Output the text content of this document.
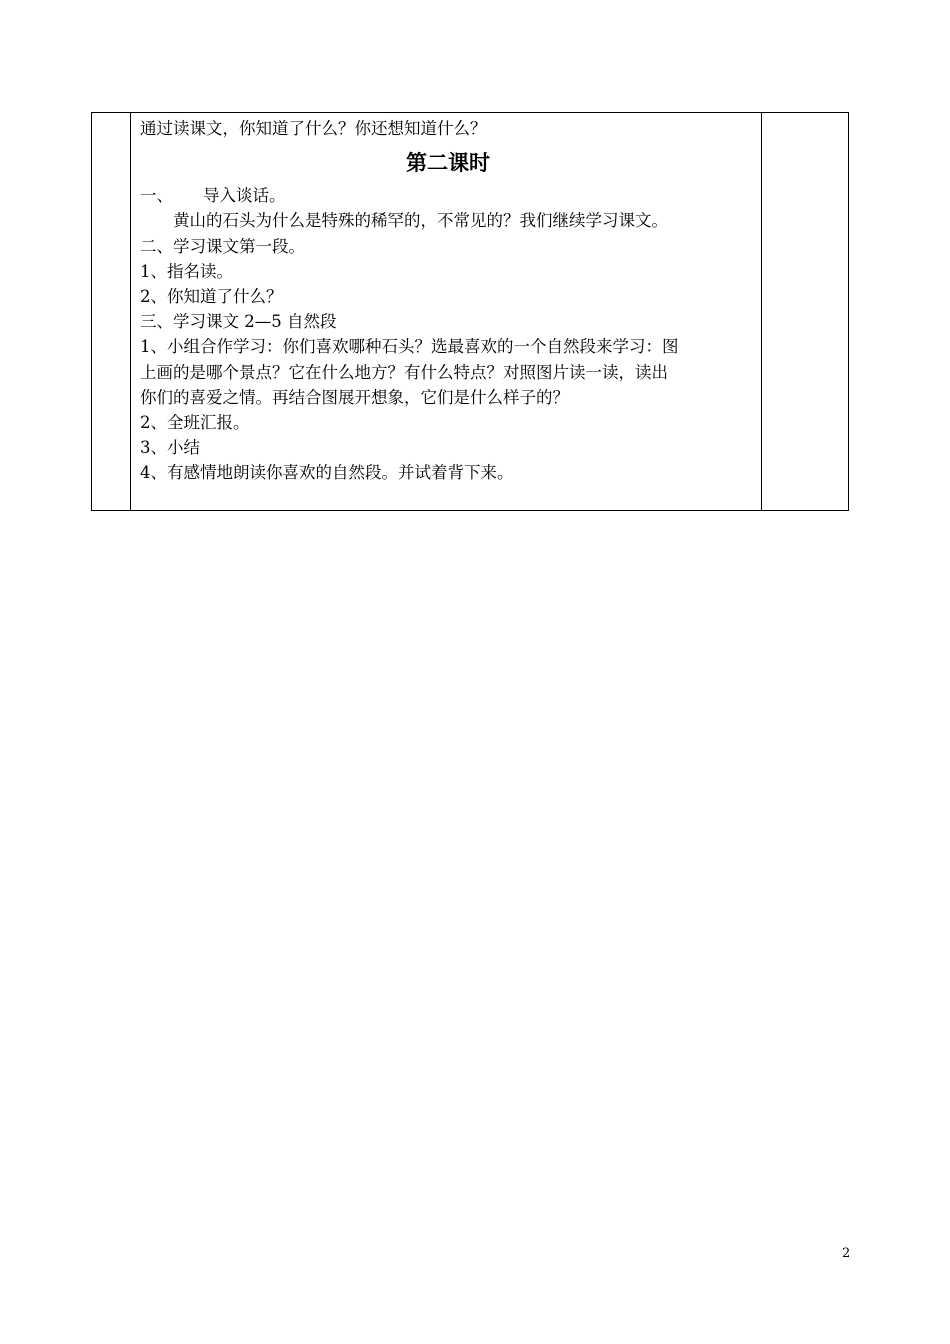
通过读课文，你知道了什么？你还想知道什么？
第二课时
一、 导入谈话。
黄山的石头为什么是特殊的稀罕的，不常见的？我们继续学习课文。
二、学习课文第一段。
1、指名读。
2、你知道了什么？
三、学习课文 2—5 自然段
1、小组合作学习：你们喜欢哪种石头？选最喜欢的一个自然段来学习：图
上画的是哪个景点？它在什么地方？有什么特点？对照图片读一读，读出
你们的喜爱之情。再结合图展开想象，它们是什么样子的？
2、全班汇报。
3、小结
4、有感情地朗读你喜欢的自然段。并试着背下来。
2
